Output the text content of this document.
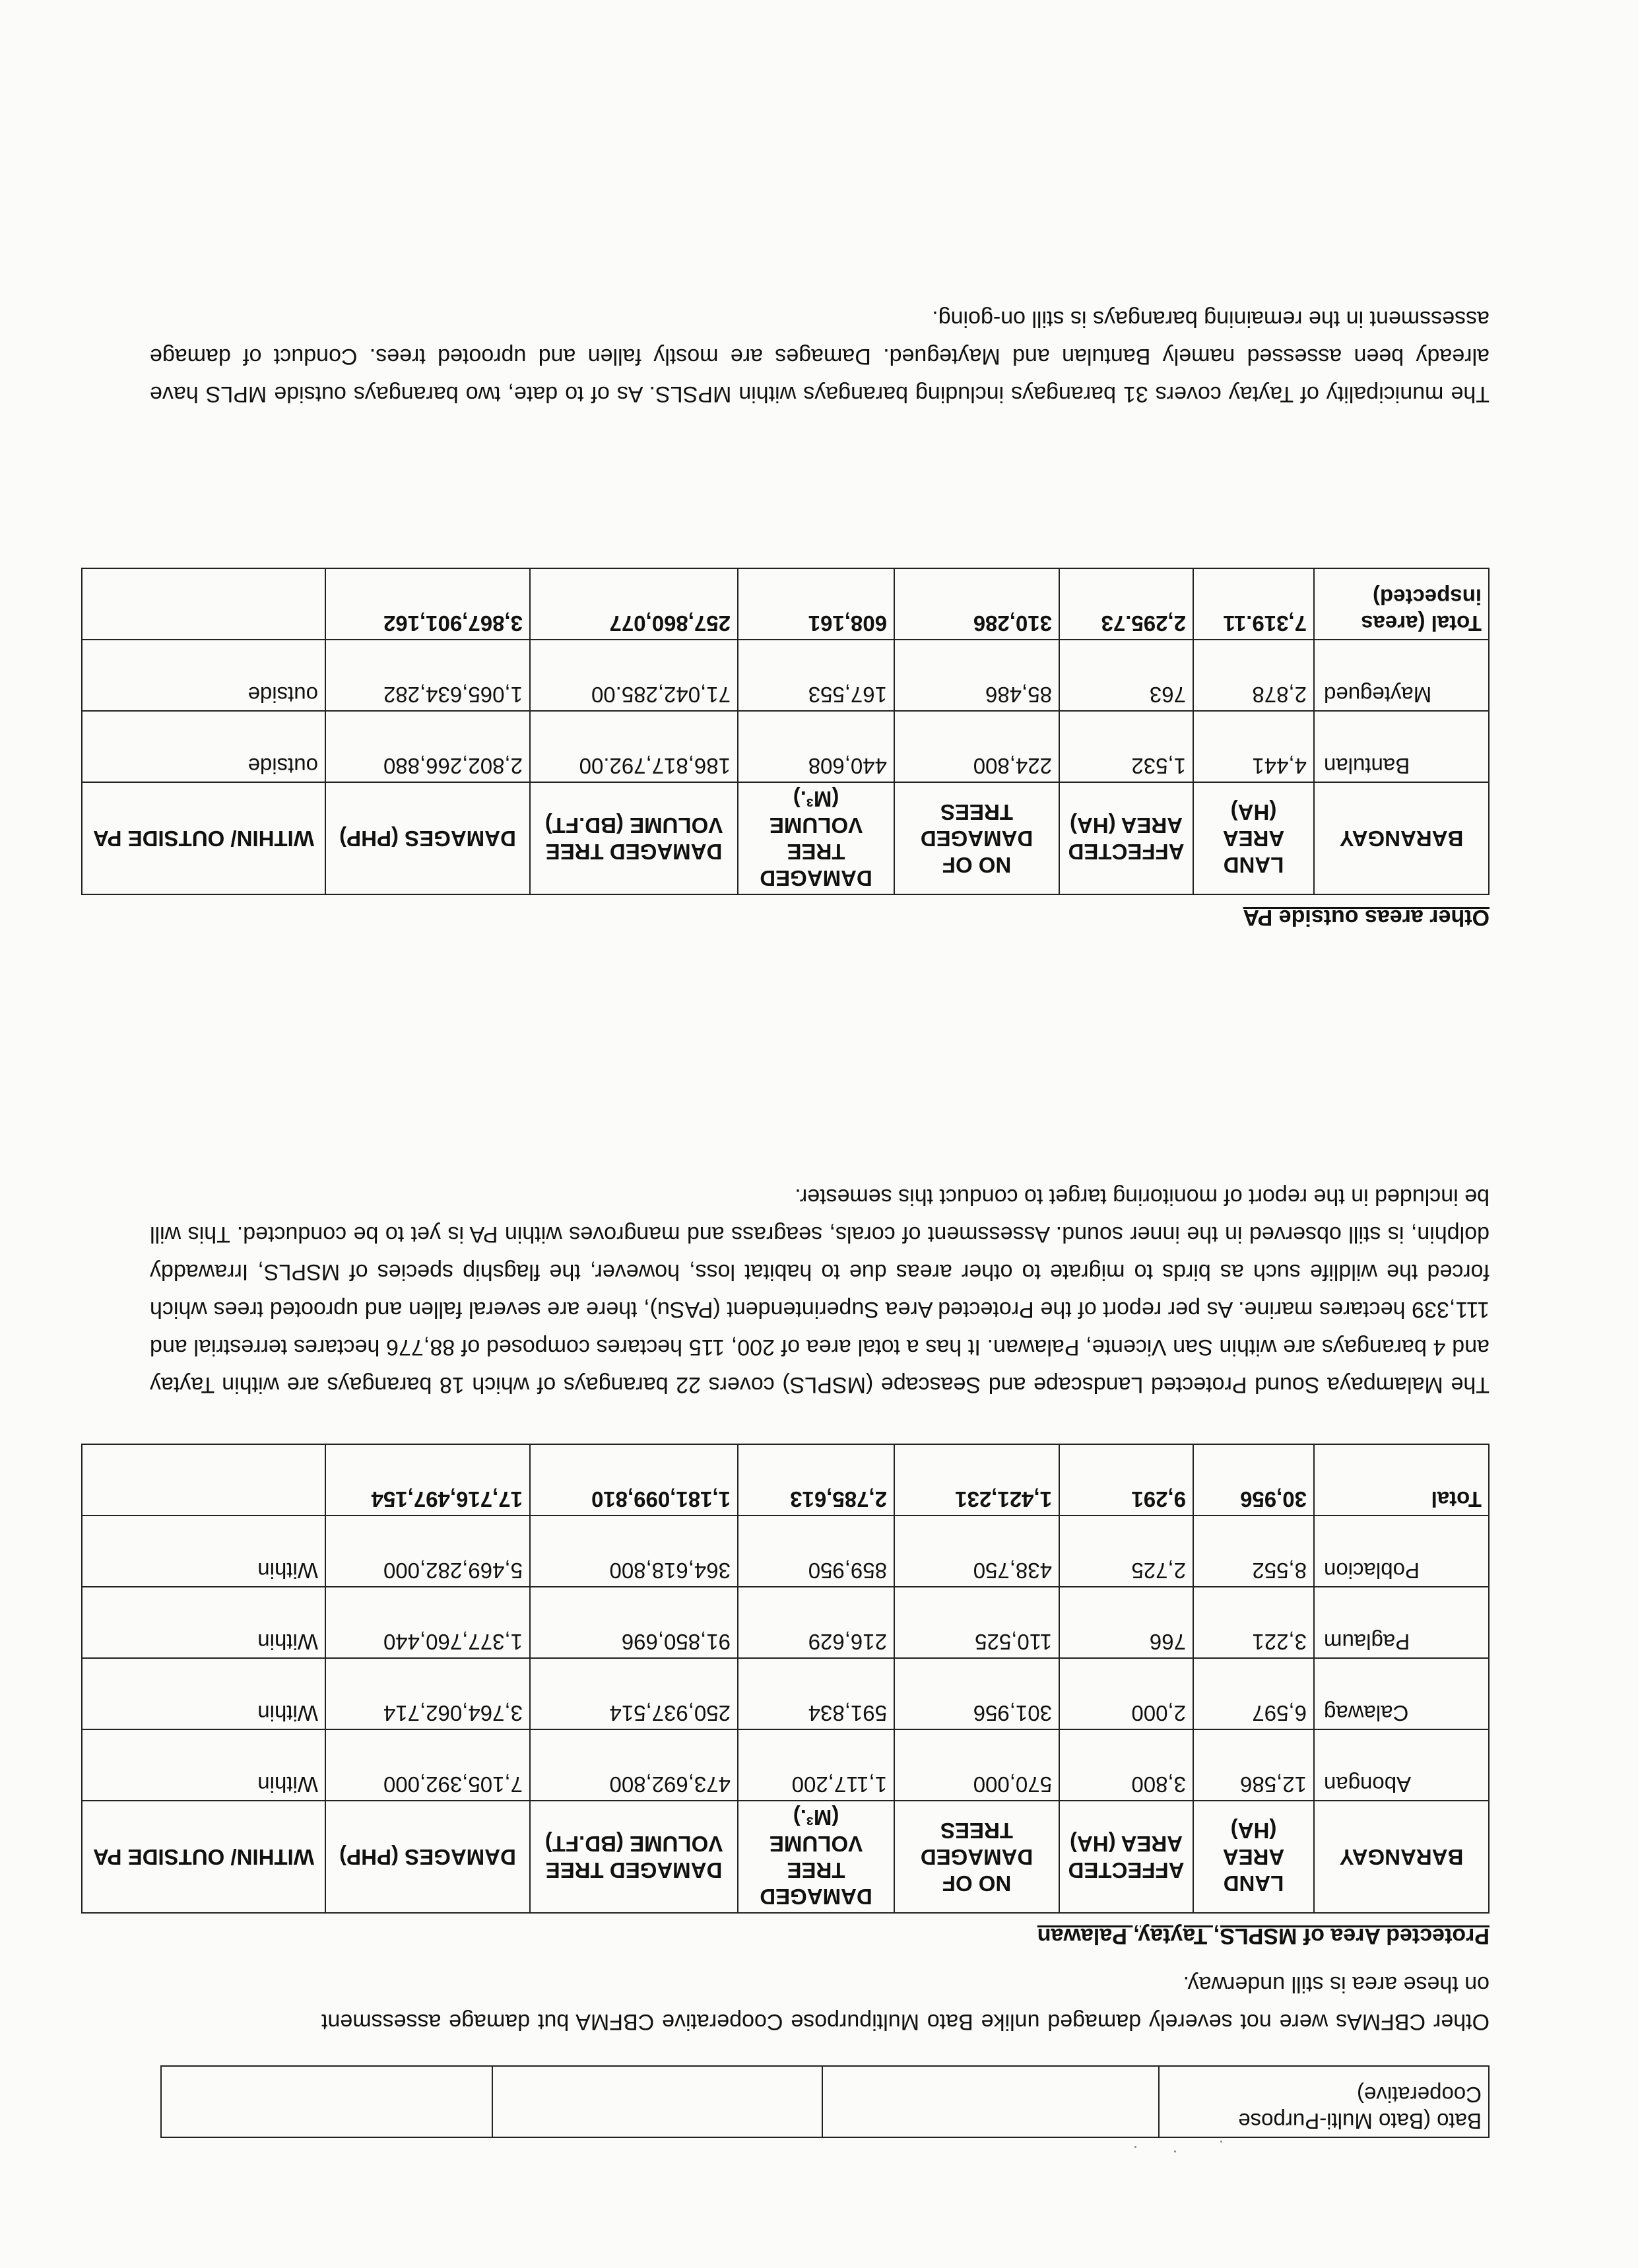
Bato (Bato Multi-Purpose Cooperative)			
Other CBFMAs were not severely damaged unlike Bato Multipurpose Cooperative CBFMA but damage assessment on these area is still underway.
Protected Area of MSPLS, Taytay, Palawan
BARANGAY	LAND AREA (HA)	AFFECTED AREA (HA)	NO OF DAMAGED TREES	DAMAGED TREE VOLUME (M³.)	DAMAGED TREE VOLUME (BD.FT)	DAMAGES (PHP)	WITHIN/ OUTSIDE PA
Abongan	12,586	3,800	570,000	1,117,200	473,692,800	7,105,392,000	Within
Calawag	6,597	2,000	301,956	591,834	250,937,514	3,764,062,714	Within
Paglaum	3,221	766	110,525	216,629	91,850,696	1,377,760,440	Within
Poblacion	8,552	2,725	438,750	859,950	364,618,800	5,469,282,000	Within
Total	30,956	9,291	1,421,231	2,785,613	1,181,099,810	17,716,497,154	
The Malampaya Sound Protected Landscape and Seascape (MSPLS) covers 22 barangays of which 18 barangays are within Taytay and 4 barangays are within San Vicente, Palawan. It has a total area of 200, 115 hectares composed of 88,776 hectares terrestrial and 111,339 hectares marine. As per report of the Protected Area Superintendent (PASu), there are several fallen and uprooted trees which forced the wildlife such as birds to migrate to other areas due to habitat loss, however, the flagship species of MSPLS, Irrawaddy dolphin, is still observed in the inner sound. Assessment of corals, seagrass and mangroves within PA is yet to be conducted. This will be included in the report of monitoring target to conduct this semester.
Other areas outside PA
BARANGAY	LAND AREA (HA)	AFFECTED AREA (HA)	NO OF DAMAGED TREES	DAMAGED TREE VOLUME (M³.)	DAMAGED TREE VOLUME (BD.FT)	DAMAGES (PHP)	WITHIN/ OUTSIDE PA
Bantulan	4,441	1,532	224,800	440,608	186,817,792.00	2,802,266,880	outside
Maytegued	2,878	763	85,486	167,553	71,042,285.00	1,065,634,282	outside
Total (areas inspected)	7,319.11	2,295.73	310,286	608,161	257,860,077	3,867,901,162	
The municipality of Taytay covers 31 barangays including barangays within MPSLS. As of to date, two barangays outside MPLS have already been assessed namely Bantulan and Maytegued. Damages are mostly fallen and uprooted trees. Conduct of damage assessment in the remaining barangays is still on-going.
